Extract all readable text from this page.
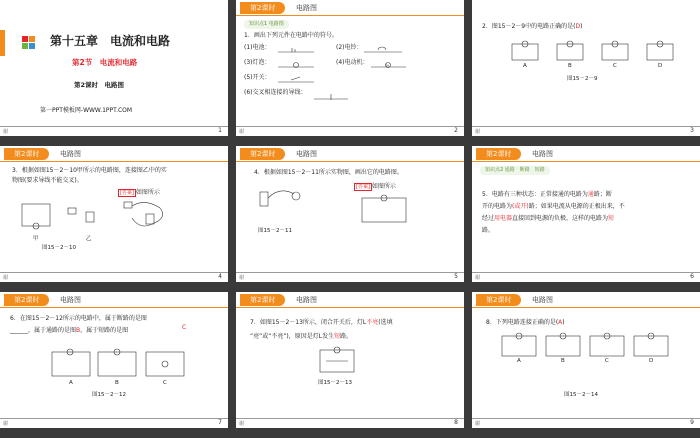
第十五章　电流和电路
第2节　电流和电路
第2课时　电路图
第一PPT模板网-WWW.1PPT.COM
谢	1
第2课时	电路图
知识点1 电路图
1．画出下列元件在电路中的符号。
(1)电池：	(2)电铃：
(3)灯泡：	(4)电动机：
(5)开关：
(6)交叉相连接的导线：
M
谢	2
2．图15－2－9中的电路正确的是(D)
A	B	C	D
图15－2－9
谢	3
第2课时	电路图
3．根据如图15－2－10甲所示的电路图，连接图乙中的实
物图(要求导线不能交叉)。
[答案] 如图所示
甲	乙
图15－2－10
谢	4
第2课时	电路图
4．根据如图15－2－11所示实物图，画出它的电路图。
[答案] 如图所示
图15－2－11
谢	5
第2课时	电路图
知识点2 通路　断路　短路
5．电路有三种状态：正常接通的电路为通路；断
开的电路为(或开)路；如果电流从电源的正极出来，不
经过用电器直接回到电源的负极，这样的电路为短
路。
谢	6
第2课时	电路图
6．在图15－2－12所示的电路中，属于断路的是图
C
______，属于通路的是图B，属于短路的是图
A	B	C
图15－2－12
谢	7
第2课时	电路图
7．如图15－2－13所示，闭合开关后，灯L不亮(选填
“亮”或“不亮”)，原因是灯L发生短路。
图15－2－13
谢	8
第2课时	电路图
8．下列电路连接正确的是(A)
A	B	C	D
图15－2－14
谢	9
